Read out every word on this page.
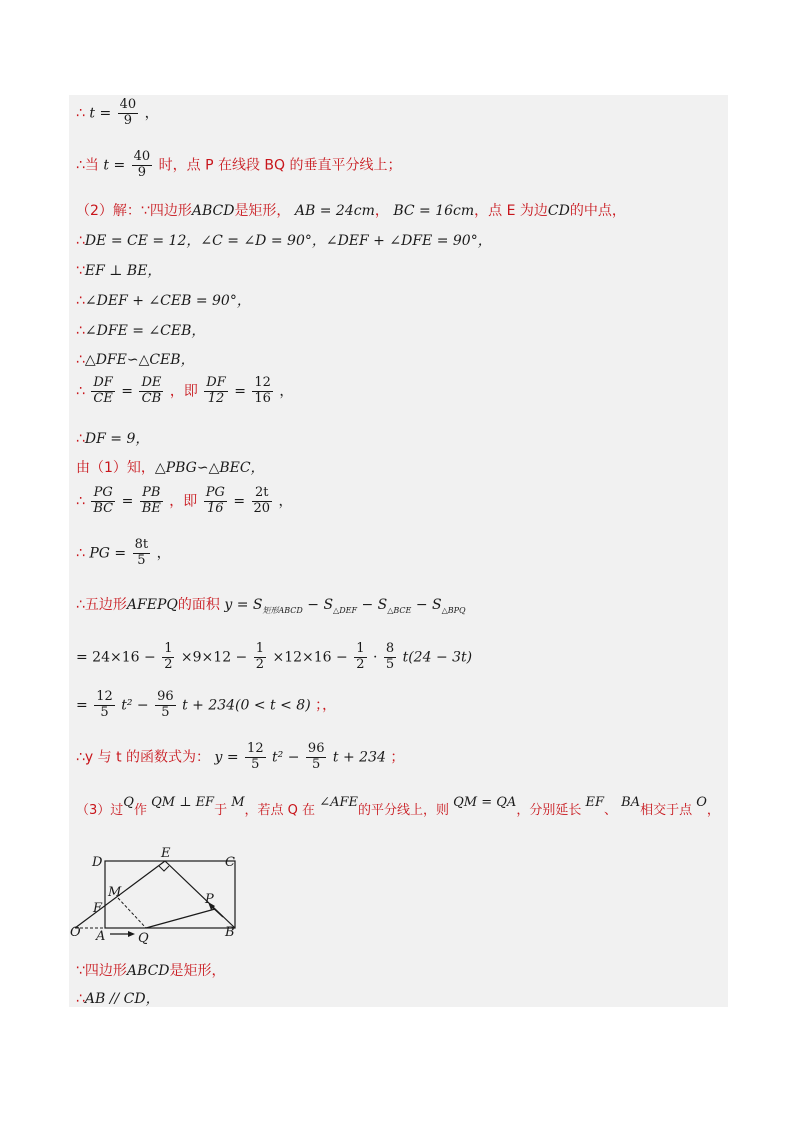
∴ $t = \frac{40}{9}$ ，
∴当 $t = \frac{40}{9}$ 时，点 P 在线段 BQ 的垂直平分线上；
（2）解：∵四边形ABCD是矩形， AB = 24cm， BC = 16cm，点 E 为边CD的中点，
∴DE = CE = 12，∠C = ∠D = 90°，∠DEF + ∠DFE = 90°，
∵EF ⊥ BE，
∴∠DEF + ∠CEB = 90°，
∴∠DFE = ∠CEB，
∴△DFE∽△CEB，
∴ $\frac{DF}{CE} = \frac{DE}{CB}$ ，即 $\frac{DF}{12} = \frac{12}{16}$ ，
∴DF = 9，
由（1）知，△PBG∽△BEC，
∴ $\frac{PG}{BC} = \frac{PB}{BE}$ ，即 $\frac{PG}{16} = \frac{2t}{20}$ ，
∴ PG = $\frac{8t}{5}$ ，
∴五边形AFEPQ的面积 $y = S_{矩形ABCD} - S_{\triangle DEF} - S_{\triangle BCE} - S_{\triangle BPQ}$
= $24\times 16 - \frac{1}{2} \times 9\times 12 - \frac{1}{2} \times 12\times 16 - \frac{1}{2} \cdot \frac{8}{5} t(24 - 3t)$
= $\frac{12}{5} t^2 - \frac{96}{5}$ t + 234(0 < t < 8) ；，
∴y 与 t 的函数式为： $y = \frac{12}{5} t^2 - \frac{96}{5}$ t + 234 ；
（3）过Q作 QM ⊥ EF于 M，若点 Q 在 ∠AFE的平分线上，则 QM = QA，分别延长 EF、 BA相交于点 O，
D
E
C
M
F
P
O A	Q	B
∵四边形ABCD是矩形，
∴AB // CD，
